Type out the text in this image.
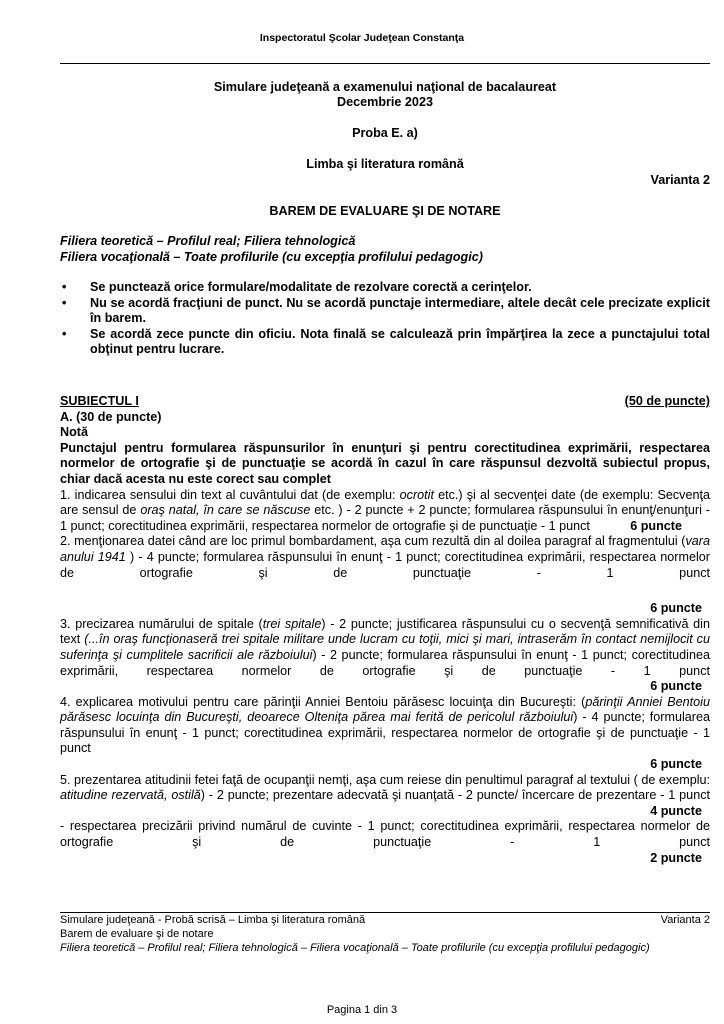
Inspectoratul Şcolar Judeţean Constanţa
Simulare judeţeană a examenului naţional de bacalaureat
Decembrie 2023
Proba E. a)
Limba şi literatura română
Varianta 2
BAREM DE EVALUARE ŞI DE NOTARE
Filiera teoretică – Profilul real; Filiera tehnologică
Filiera vocaţională – Toate profilurile (cu excepţia profilului pedagogic)
• Se punctează orice formulare/modalitate de rezolvare corectă a cerinţelor.
• Nu se acordă fracţiuni de punct. Nu se acordă punctaje intermediare, altele decât cele precizate explicit în barem.
• Se acordă zece puncte din oficiu. Nota finală se calculează prin împărţirea la zece a punctajului total obţinut pentru lucrare.
SUBIECTUL I	(50 de puncte)
A. (30 de puncte)
Notă
Punctajul pentru formularea răspunsurilor în enunţuri şi pentru corectitudinea exprimării, respectarea normelor de ortografie şi de punctuaţie se acordă în cazul în care răspunsul dezvoltă subiectul propus, chiar dacă acesta nu este corect sau complet
1. indicarea sensului din text al cuvântului dat (de exemplu: ocrotit etc.) şi al secvenţei date (de exemplu: Secvenţa are sensul de oraş natal, în care se născuse etc. ) - 2 puncte + 2 puncte; formularea răspunsului în enunţ/enunţuri - 1 punct; corectitudinea exprimării, respectarea normelor de ortografie şi de punctuaţie - 1 punct	6 puncte
2. menţionarea datei când are loc primul bombardament, aşa cum rezultă din al doilea paragraf al fragmentului (vara anului 1941 ) - 4 puncte; formularea răspunsului în enunţ - 1 punct; corectitudinea exprimării, respectarea normelor de ortografie şi de punctuaţie - 1 punct
6 puncte
3. precizarea numărului de spitale (trei spitale) - 2 puncte; justificarea răspunsului cu o secvenţă semnificativă din text (...în oraş funcţionaseră trei spitale militare unde lucram cu toţii, mici şi mari, intraserăm în contact nemijlocit cu suferinţa şi cumplitele sacrificii ale războiului) - 2 puncte; formularea răspunsului în enunţ - 1 punct; corectitudinea exprimării, respectarea normelor de ortografie şi de punctuaţie - 1 punct
6 puncte
4. explicarea motivului pentru care părinţii Anniei Bentoiu părăsesc locuinţa din Bucureşti: (părinţii Anniei Bentoiu părăsesc locuinţa din Bucureşti, deoarece Olteniţa părea mai ferită de pericolul războiului) - 4 puncte; formularea răspunsului în enunţ - 1 punct; corectitudinea exprimării, respectarea normelor de ortografie şi de punctuaţie - 1 punct
6 puncte
5. prezentarea atitudinii fetei faţă de ocupanţii nemţi, aşa cum reiese din penultimul paragraf al textului ( de exemplu: atitudine rezervată, ostilă) - 2 puncte; prezentare adecvată şi nuanţată - 2 puncte/ încercare de prezentare - 1 punct
4 puncte
- respectarea precizării privind numărul de cuvinte - 1 punct; corectitudinea exprimării, respectarea normelor de ortografie şi de punctuaţie - 1 punct
2 puncte
Simulare judeţeană - Probă scrisă – Limba şi literatura română	Varianta 2
Barem de evaluare şi de notare
Filiera teoretică – Profilul real; Filiera tehnologică – Filiera vocaţională – Toate profilurile (cu excepţia profilului pedagogic)
Pagina 1 din 3
